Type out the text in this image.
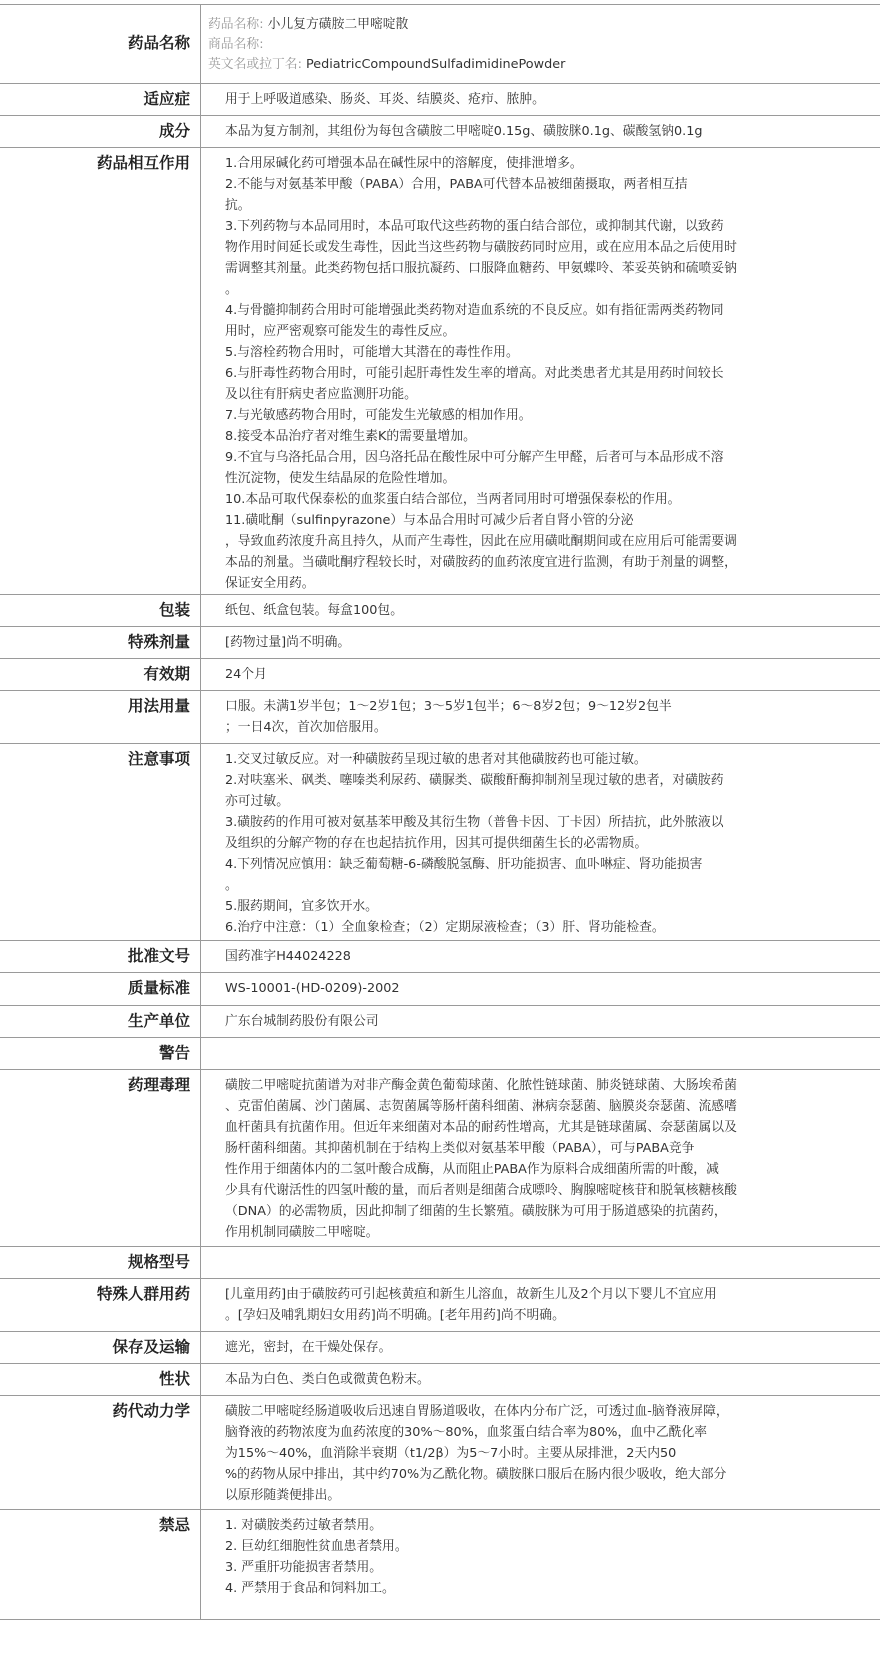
药品名称
药品名称: 小儿复方磺胺二甲嘧啶散
商品名称:
英文名或拉丁名: PediatricCompoundSulfadimidinePowder
适应症	用于上呼吸道感染、肠炎、耳炎、结膜炎、疮疖、脓肿。
成分	本品为复方制剂，其组份为每包含磺胺二甲嘧啶0.15g、磺胺脒0.1g、碳酸氢钠0.1g
药品相互作用	1.合用尿碱化药可增强本品在碱性尿中的溶解度，使排泄增多。
2.不能与对氨基苯甲酸（PABA）合用，PABA可代替本品被细菌摄取，两者相互拮
抗。
3.下列药物与本品同用时，本品可取代这些药物的蛋白结合部位，或抑制其代谢，以致药
物作用时间延长或发生毒性，因此当这些药物与磺胺药同时应用，或在应用本品之后使用时
需调整其剂量。此类药物包括口服抗凝药、口服降血糖药、甲氨蝶呤、苯妥英钠和硫喷妥钠
。
4.与骨髓抑制药合用时可能增强此类药物对造血系统的不良反应。如有指征需两类药物同
用时，应严密观察可能发生的毒性反应。
5.与溶栓药物合用时，可能增大其潜在的毒性作用。
6.与肝毒性药物合用时，可能引起肝毒性发生率的增高。对此类患者尤其是用药时间较长
及以往有肝病史者应监测肝功能。
7.与光敏感药物合用时，可能发生光敏感的相加作用。
8.接受本品治疗者对维生素K的需要量增加。
9.不宜与乌洛托品合用，因乌洛托品在酸性尿中可分解产生甲醛，后者可与本品形成不溶
性沉淀物，使发生结晶尿的危险性增加。
10.本品可取代保泰松的血浆蛋白结合部位，当两者同用时可增强保泰松的作用。
11.磺吡酮（sulfinpyrazone）与本品合用时可减少后者自肾小管的分泌
，导致血药浓度升高且持久，从而产生毒性，因此在应用磺吡酮期间或在应用后可能需要调
本品的剂量。当磺吡酮疗程较长时，对磺胺药的血药浓度宜进行监测，有助于剂量的调整，
保证安全用药。
包装	纸包、纸盒包装。每盒100包。
特殊剂量	[药物过量]尚不明确。
有效期	24个月
用法用量	口服。未满1岁半包；1～2岁1包；3～5岁1包半；6～8岁2包；9～12岁2包半
；一日4次，首次加倍服用。
注意事项	1.交叉过敏反应。对一种磺胺药呈现过敏的患者对其他磺胺药也可能过敏。
2.对呋塞米、砜类、噻嗪类利尿药、磺脲类、碳酸酐酶抑制剂呈现过敏的患者，对磺胺药
亦可过敏。
3.磺胺药的作用可被对氨基苯甲酸及其衍生物（普鲁卡因、丁卡因）所拮抗，此外脓液以
及组织的分解产物的存在也起拮抗作用，因其可提供细菌生长的必需物质。
4.下列情况应慎用：缺乏葡萄糖-6-磷酸脱氢酶、肝功能损害、血卟啉症、肾功能损害
。
5.服药期间，宜多饮开水。
6.治疗中注意：（1）全血象检查；（2）定期尿液检查；（3）肝、肾功能检查。
批准文号	国药准字H44024228
质量标准	WS-10001-(HD-0209)-2002
生产单位	广东台城制药股份有限公司
警告
药理毒理	磺胺二甲嘧啶抗菌谱为对非产酶金黄色葡萄球菌、化脓性链球菌、肺炎链球菌、大肠埃希菌
、克雷伯菌属、沙门菌属、志贺菌属等肠杆菌科细菌、淋病奈瑟菌、脑膜炎奈瑟菌、流感嗜
血杆菌具有抗菌作用。但近年来细菌对本品的耐药性增高，尤其是链球菌属、奈瑟菌属以及
肠杆菌科细菌。其抑菌机制在于结构上类似对氨基苯甲酸（PABA），可与PABA竞争
性作用于细菌体内的二氢叶酸合成酶，从而阻止PABA作为原料合成细菌所需的叶酸，减
少具有代谢活性的四氢叶酸的量，而后者则是细菌合成嘌呤、胸腺嘧啶核苷和脱氧核糖核酸
（DNA）的必需物质，因此抑制了细菌的生长繁殖。磺胺脒为可用于肠道感染的抗菌药，
作用机制同磺胺二甲嘧啶。
规格型号
特殊人群用药	[儿童用药]由于磺胺药可引起核黄疸和新生儿溶血，故新生儿及2个月以下婴儿不宜应用
。[孕妇及哺乳期妇女用药]尚不明确。[老年用药]尚不明确。
保存及运输	遮光，密封，在干燥处保存。
性状	本品为白色、类白色或微黄色粉末。
药代动力学	磺胺二甲嘧啶经肠道吸收后迅速自胃肠道吸收，在体内分布广泛，可透过血-脑脊液屏障，
脑脊液的药物浓度为血药浓度的30%～80%，血浆蛋白结合率为80%，血中乙酰化率
为15%～40%，血消除半衰期（t1/2β）为5～7小时。主要从尿排泄，2天内50
%的药物从尿中排出，其中约70%为乙酰化物。磺胺脒口服后在肠内很少吸收，绝大部分
以原形随粪便排出。
禁忌	1. 对磺胺类药过敏者禁用。
2. 巨幼红细胞性贫血患者禁用。
3. 严重肝功能损害者禁用。
4. 严禁用于食品和饲料加工。
